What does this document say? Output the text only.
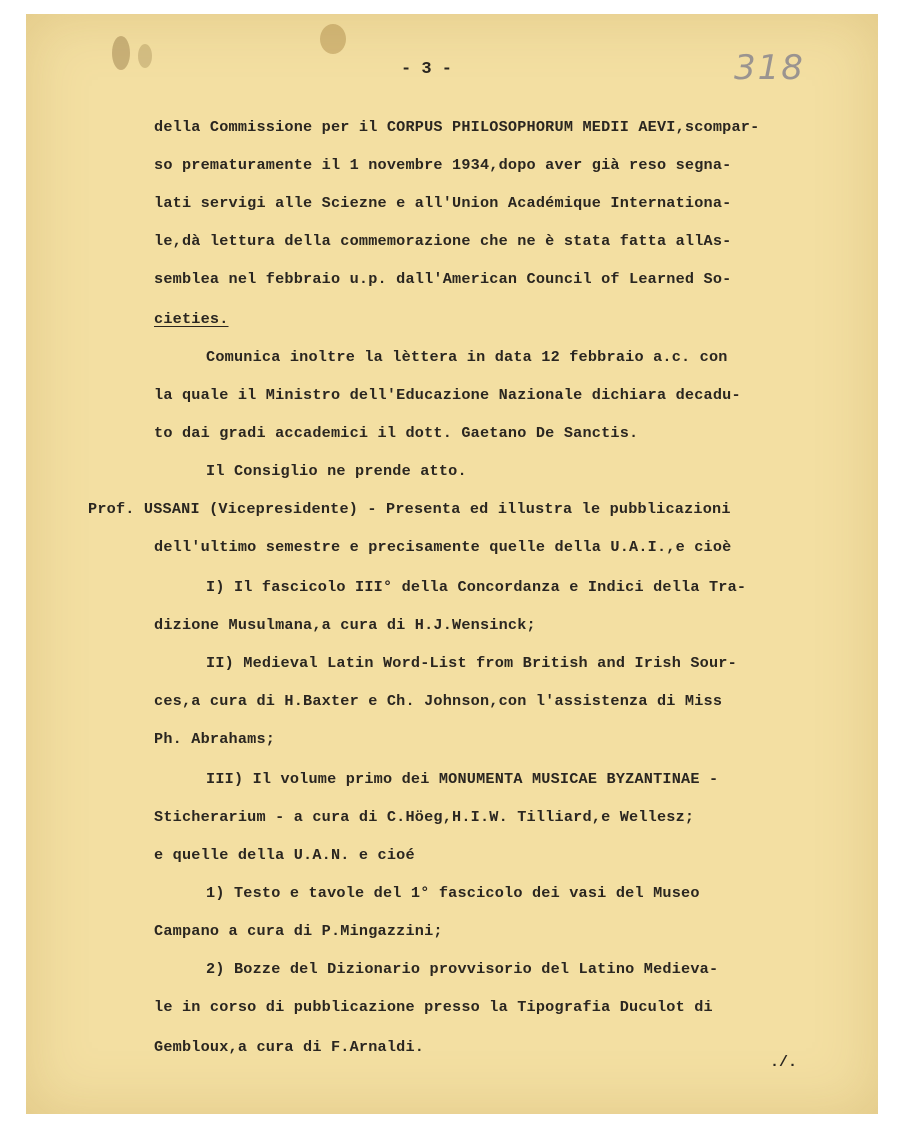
- 3 -	318

della Commissione per il CORPUS PHILOSOPHORUM MEDII AEVI,scompar-

so prematuramente il 1 novembre 1934,dopo aver già reso segna-

lati servigi alle Sciezne e all'Union Académique Internationa-

le,dà lettura della commemorazione che ne è stata fatta allAs-

semblea nel febbraio u.p. dall'American Council of Learned So-

cieties.

Comunica inoltre la lèttera in data 12 febbraio a.c. con

la quale il Ministro dell'Educazione Nazionale dichiara decadu-

to dai gradi accademici il dott. Gaetano De Sanctis.

Il Consiglio ne prende atto.

Prof. USSANI (Vicepresidente) - Presenta ed illustra le pubblicazioni

dell'ultimo semestre e precisamente quelle della U.A.I.,e cioè

I) Il fascicolo III° della Concordanza e Indici della Tra-

dizione Musulmana,a cura di H.J.Wensinck;

II) Medieval Latin Word-List from British and Irish Sour-

ces,a cura di H.Baxter e Ch. Johnson,con l'assistenza di Miss

Ph. Abrahams;

III) Il volume primo dei MONUMENTA MUSICAE BYZANTINAE -

Sticherarium - a cura di C.Höeg,H.I.W. Tilliard,e Wellesz;

e quelle della U.A.N. e cioé

1) Testo e tavole del 1° fascicolo dei vasi del Museo

Campano a cura di P.Mingazzini;

2) Bozze del Dizionario provvisorio del Latino Medieva-

le in corso di pubblicazione presso la Tipografia Duculot di

Gembloux,a cura di F.Arnaldi.

./.
